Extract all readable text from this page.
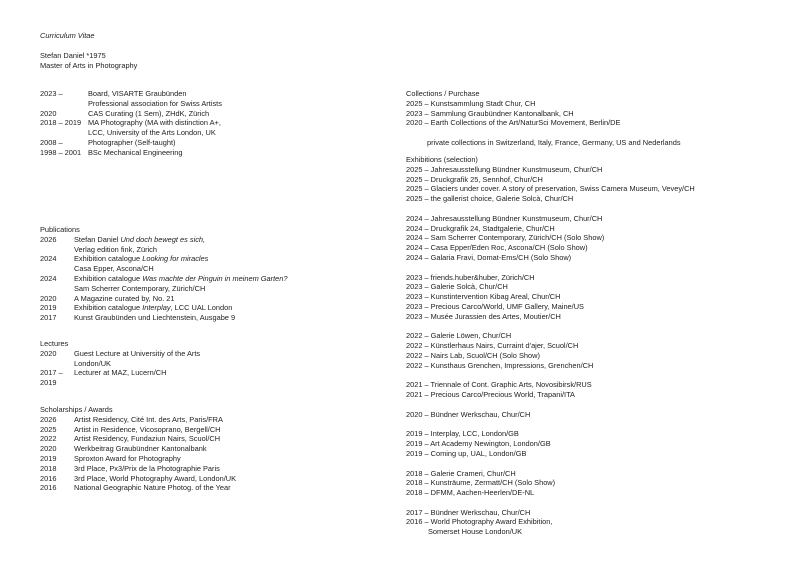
Curriculum Vitae
Stefan Daniel *1975
Master of Arts in Photography
2023 –	Board, VISARTE Graubünden
Professional association for Swiss Artists
2020	CAS Curating (1 Sem), ZHdK, Zürich
2018 – 2019 MA Photography (MA with distinction A+,
LCC, University of the Arts London, UK
2008 –	Photographer (Self-taught)
1998 – 2001 BSc Mechanical Engineering
Publications
2026	Stefan Daniel Und doch bewegt es sich,
Verlag edition fink, Zürich
2024	Exhibition catalogue Looking for miracles
Casa Epper, Ascona/CH
2024	Exhibition catalogue Was machte der Pinguin in meinem Garten?
Sam Scherrer Contemporary, Zürich/CH
2020	A Magazine curated by, No. 21
2019	Exhibition catalogue Interplay, LCC UAL London
2017	Kunst Graubünden und Liechtenstein, Ausgabe 9
Lectures
2020	Guest Lecture at Universitiy of the Arts
London/UK
2017 –	Lecturer at MAZ, Lucern/CH
2019
Scholarships / Awards
2026	Artist Residency, Cité Int. des Arts, Paris/FRA
2025	Artist in Residence, Vicosoprano, Bergell/CH
2022	Artist Residency, Fundaziun Nairs, Scuol/CH
2020	Werkbeitrag Graubündner Kantonalbank
2019	Sproxton Award for Photography
2018	3rd Place, Px3/Prix de la Photographie Paris
2016	3rd Place, World Photography Award, London/UK
2016	National Geographic Nature Photog. of the Year
Collections / Purchase
2025 – Kunstsammlung Stadt Chur, CH
2023 – Sammlung Graubündner Kantonalbank, CH
2020 – Earth Collections of the Art/NaturSci Movement, Berlin/DE
private collections in Switzerland, Italy, France, Germany, US and Nederlands
Exhibitions (selection)
2025 – Jahresausstellung Bündner Kunstmuseum, Chur/CH
2025 – Druckgrafik 25, Sennhof, Chur/CH
2025 – Glaciers under cover. A story of preservation, Swiss Camera Museum, Vevey/CH
2025 – the gallerist choice, Galerie Solcà, Chur/CH
2024 – Jahresausstellung Bündner Kunstmuseum, Chur/CH
2024 – Druckgrafik 24, Stadtgalerie, Chur/CH
2024 – Sam Scherrer Contemporary, Zürich/CH (Solo Show)
2024 – Casa Epper/Eden Roc, Ascona/CH (Solo Show)
2024 – Galaria Fravi, Domat-Ems/CH (Solo Show)
2023 – friends.huber&huber, Zürich/CH
2023 – Galerie Solcà, Chur/CH
2023 – Kunstintervention Kibag Areal, Chur/CH
2023 – Precious Carco/World, UMF Gallery, Maine/US
2023 – Musée Jurassien des Artes, Moutier/CH
2022 – Galerie Löwen, Chur/CH
2022 – Künstlerhaus Nairs, Curraint d'ajer, Scuol/CH
2022 – Nairs Lab, Scuol/CH (Solo Show)
2022 – Kunsthaus Grenchen, Impressions, Grenchen/CH
2021 – Triennale of Cont. Graphic Arts, Novosibirsk/RUS
2021 – Precious Carco/Precious World, Trapani/ITA
2020 – Bündner Werkschau, Chur/CH
2019 – Interplay, LCC, London/GB
2019 – Art Academy Newington, London/GB
2019 – Coming up, UAL, London/GB
2018 – Galerie Crameri, Chur/CH
2018 – Kunsträume, Zermatt/CH (Solo Show)
2018 – DFMM, Aachen-Heerlen/DE-NL
2017 – Bündner Werkschau, Chur/CH
2016 – World Photography Award Exhibition,
Somerset House London/UK
